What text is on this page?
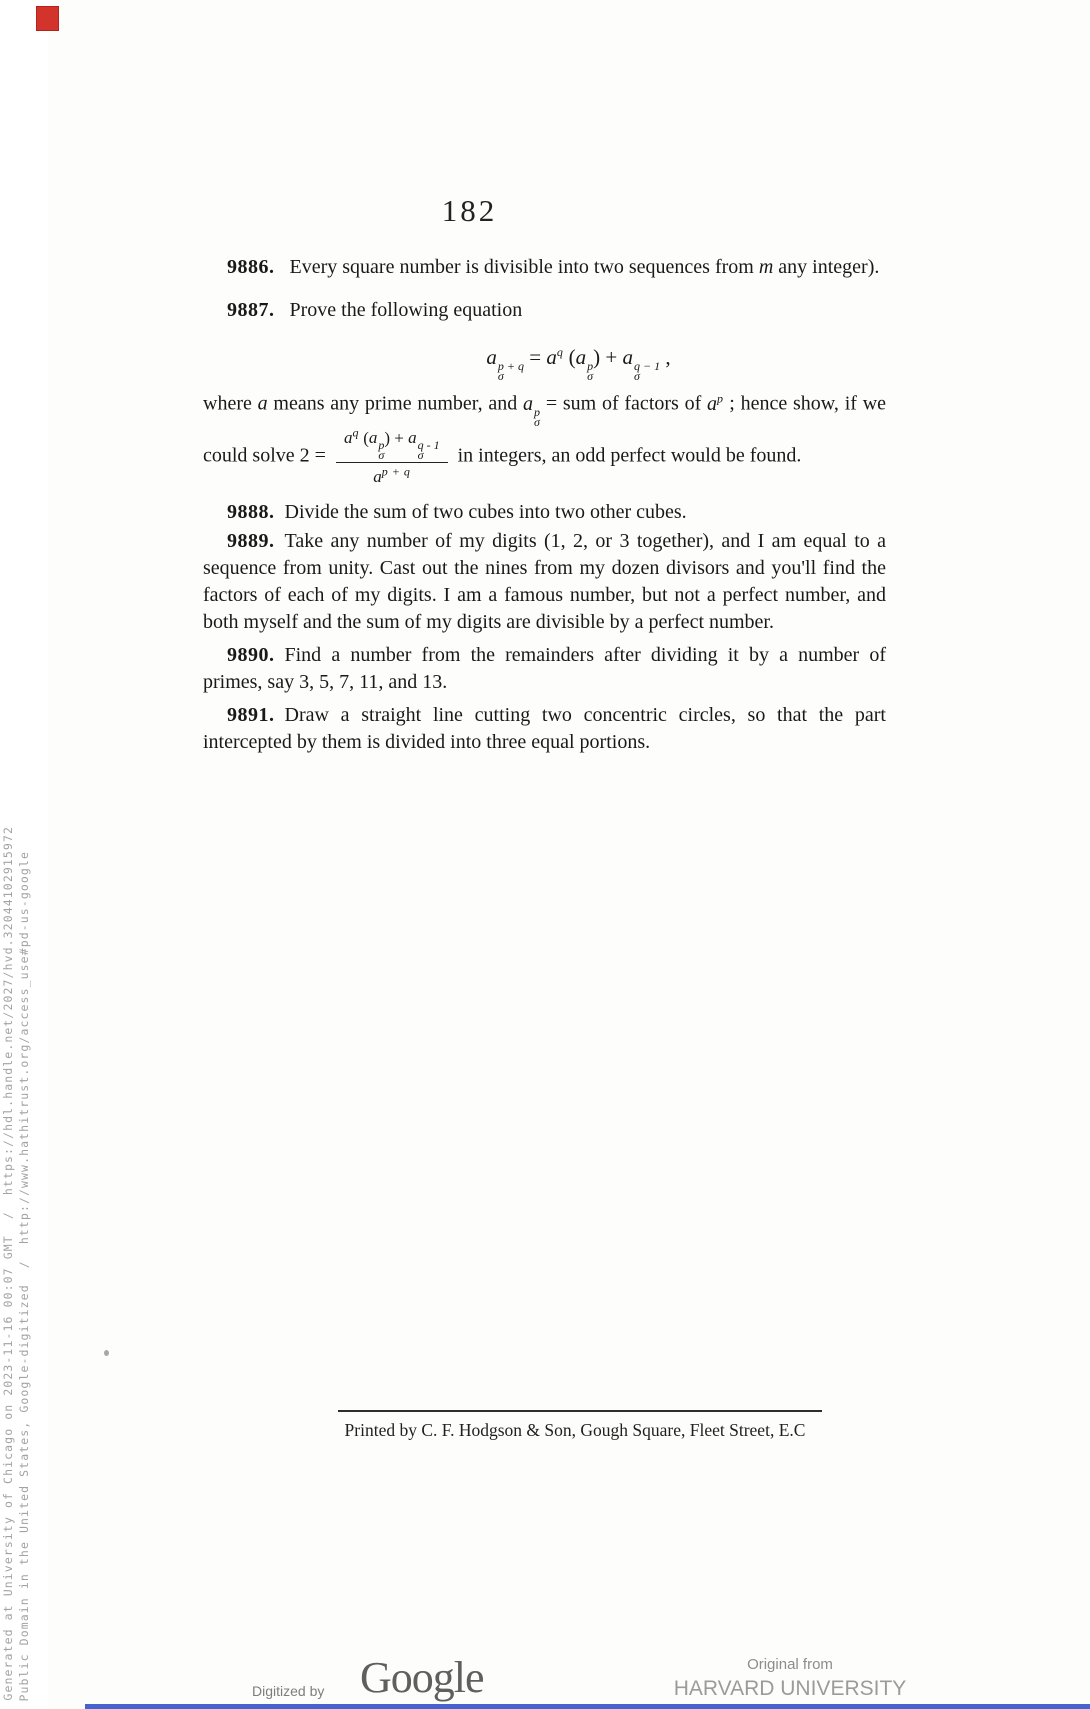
Generated at University of Chicago on 2023-11-16 00:07 GMT  /  https://hdl.handle.net/2027/hvd.32044102915972 Public Domain in the United States, Google-digitized  /  http://www.hathitrust.org/access_use#pd-us-google
182

9886.  Every square number is divisible into two sequences from m any integer).

9887.  Prove the following equation

a p + q
σ
= $a^q$ (a p
σ
) + a q − 1
σ
,

where a means any prime number, and a p
σ
= sum of factors of $a^p$ ; hence show, if we could solve $2 = a^q$ (a p
σ
) + a q - 1
σ
$a^{p + q}$ in integers, an odd perfect would be found.

9888. Divide the sum of two cubes into two other cubes.

9889. Take any number of my digits (1, 2, or 3 together), and I am equal to a sequence from unity. Cast out the nines from my dozen divisors and you'll find the factors of each of my digits. I am a famous number, but not a perfect number, and both myself and the sum of my digits are divisible by a perfect number.

9890. Find a number from the remainders after dividing it by a number of primes, say 3, 5, 7, 11, and 13.

9891. Draw a straight line cutting two concentric circles, so that the part intercepted by them is divided into three equal portions.

Printed by C. F. Hodgson & Son, Gough Square, Fleet Street, E.C
Digitized by Google	Original from
HARVARD UNIVERSITY
